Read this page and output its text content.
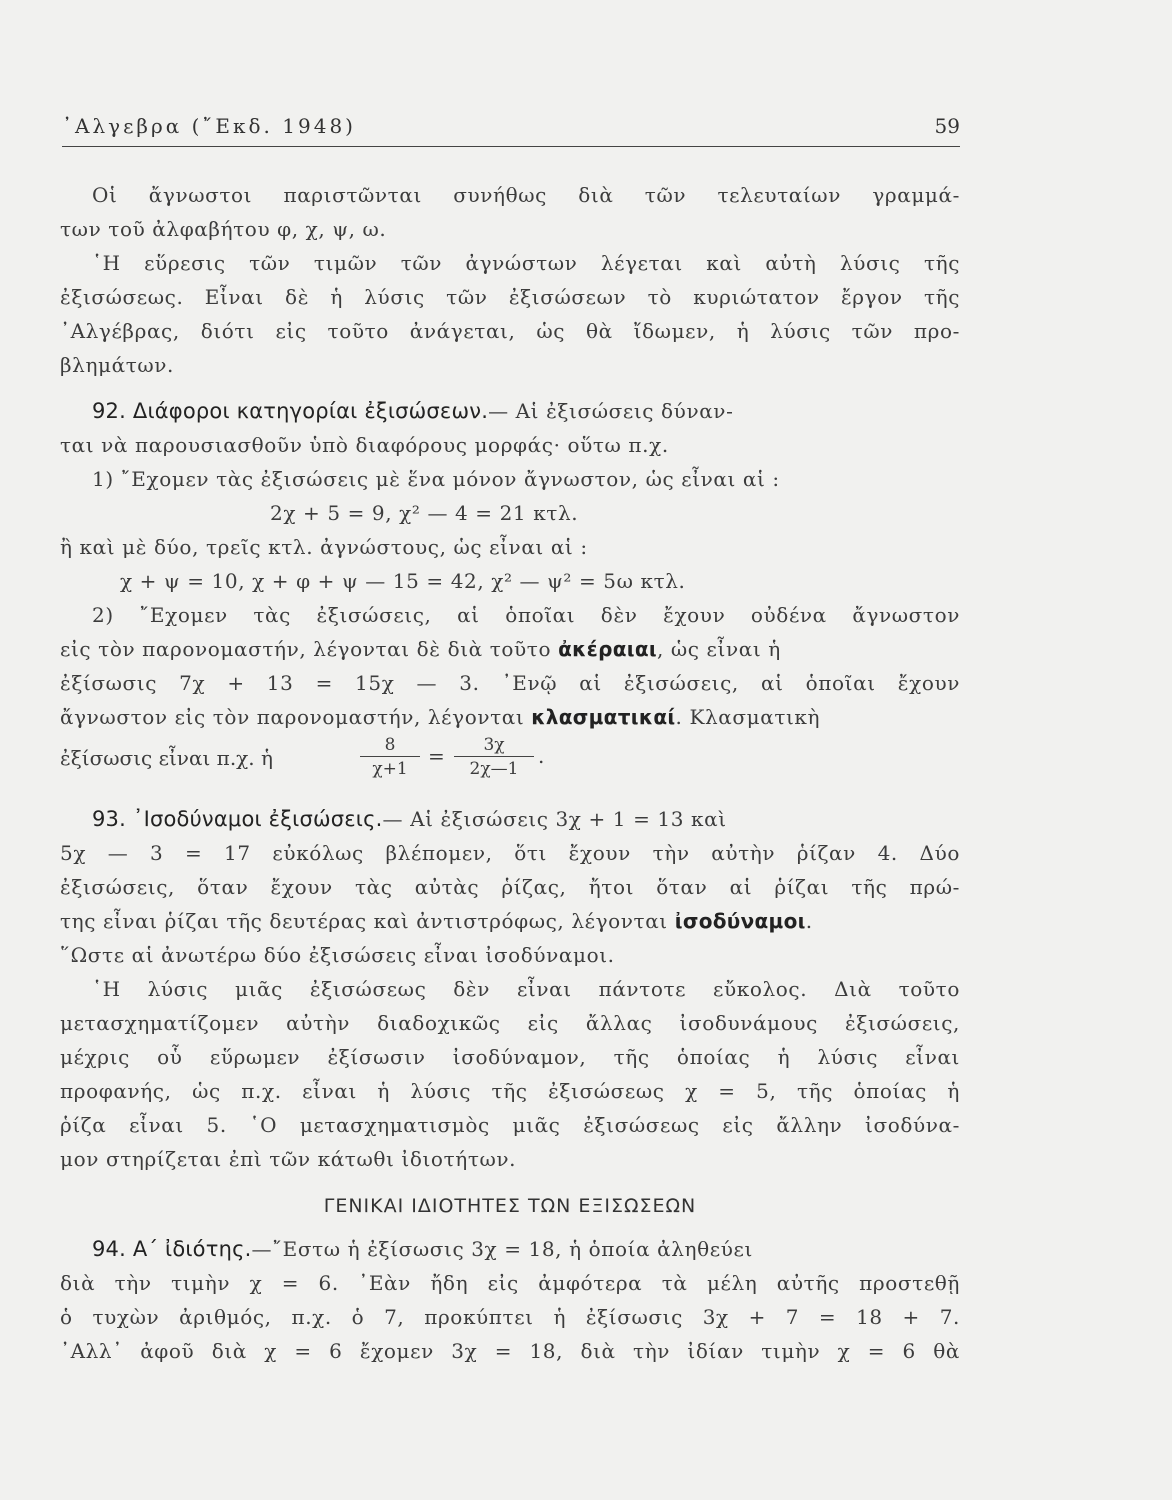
᾿Αλγεβρα (῎Εκδ. 1948)	59
Οἱ ἄγνωστοι παριστῶνται συνήθως διὰ τῶν τελευταίων γραμμά-
των τοῦ ἀλφαβήτου φ, χ, ψ, ω.
῾Η εὕρεσις τῶν τιμῶν τῶν ἀγνώστων λέγεται καὶ αὐτὴ λύσις τῆς
ἐξισώσεως. Εἶναι δὲ ἡ λύσις τῶν ἐξισώσεων τὸ κυριώτατον ἔργον τῆς
᾿Αλγέβρας, διότι εἰς τοῦτο ἀνάγεται, ὡς θὰ ἴδωμεν, ἡ λύσις τῶν προ-
βλημάτων.
92. Διάφοροι κατηγορίαι ἐξισώσεων.— Αἱ ἐξισώσεις δύναν-
ται νὰ παρουσιασθοῦν ὑπὸ διαφόρους μορφάς· οὕτω π.χ.
1) ῎Εχομεν τὰς ἐξισώσεις μὲ ἕνα μόνον ἄγνωστον, ὡς εἶναι αἱ :
2χ + 5 = 9, χ² — 4 = 21 κτλ.
ἢ καὶ μὲ δύο, τρεῖς κτλ. ἀγνώστους, ὡς εἶναι αἱ :
χ + ψ = 10, χ + φ + ψ — 15 = 42, χ² — ψ² = 5ω κτλ.
2) ῎Εχομεν τὰς ἐξισώσεις, αἱ ὁποῖαι δὲν ἔχουν οὐδένα ἄγνωστον
εἰς τὸν παρονομαστήν, λέγονται δὲ διὰ τοῦτο ἀκέραιαι, ὡς εἶναι ἡ
ἐξίσωσις 7χ + 13 = 15χ — 3. ᾿Ενῷ αἱ ἐξισώσεις, αἱ ὁποῖαι ἔχουν
ἄγνωστον εἰς τὸν παρονομαστήν, λέγονται κλασματικαί. Κλασματικὴ
ἐξίσωσις εἶναι π.χ. ἡ	$\frac{8}{\chi+1} = \frac{3\chi}{2\chi—1}$ .
93. ᾿Ισοδύναμοι ἐξισώσεις.— Αἱ ἐξισώσεις 3χ + 1 = 13 καὶ
5χ — 3 = 17 εὐκόλως βλέπομεν, ὅτι ἔχουν τὴν αὐτὴν ῥίζαν 4. Δύο
ἐξισώσεις, ὅταν ἔχουν τὰς αὐτὰς ῥίζας, ἤτοι ὅταν αἱ ῥίζαι τῆς πρώ-
της εἶναι ῥίζαι τῆς δευτέρας καὶ ἀντιστρόφως, λέγονται ἰσοδύναμοι.
῞Ωστε αἱ ἀνωτέρω δύο ἐξισώσεις εἶναι ἰσοδύναμοι.
῾Η λύσις μιᾶς ἐξισώσεως δὲν εἶναι πάντοτε εὔκολος. Διὰ τοῦτο
μετασχηματίζομεν αὐτὴν διαδοχικῶς εἰς ἄλλας ἰσοδυνάμους ἐξισώσεις,
μέχρις οὗ εὕρωμεν ἐξίσωσιν ἰσοδύναμον, τῆς ὁποίας ἡ λύσις εἶναι
προφανής, ὡς π.χ. εἶναι ἡ λύσις τῆς ἐξισώσεως χ = 5, τῆς ὁποίας ἡ
ῥίζα εἶναι 5. ῾Ο μετασχηματισμὸς μιᾶς ἐξισώσεως εἰς ἄλλην ἰσοδύνα-
μον στηρίζεται ἐπὶ τῶν κάτωθι ἰδιοτήτων.
ΓΕΝΙΚΑΙ ΙΔΙΟΤΗΤΕΣ ΤΩΝ ΕΞΙΣΩΣΕΩΝ
94. Α΄ ἰδιότης.—῎Εστω ἡ ἐξίσωσις 3χ = 18, ἡ ὁποία ἀληθεύει
διὰ τὴν τιμὴν χ = 6. ᾿Εὰν ἤδη εἰς ἀμφότερα τὰ μέλη αὐτῆς προστεθῇ
ὁ τυχὼν ἀριθμός, π.χ. ὁ 7, προκύπτει ἡ ἐξίσωσις 3χ + 7 = 18 + 7.
᾿Αλλ᾿ ἀφοῦ διὰ χ = 6 ἔχομεν 3χ = 18, διὰ τὴν ἰδίαν τιμὴν χ = 6 θὰ
